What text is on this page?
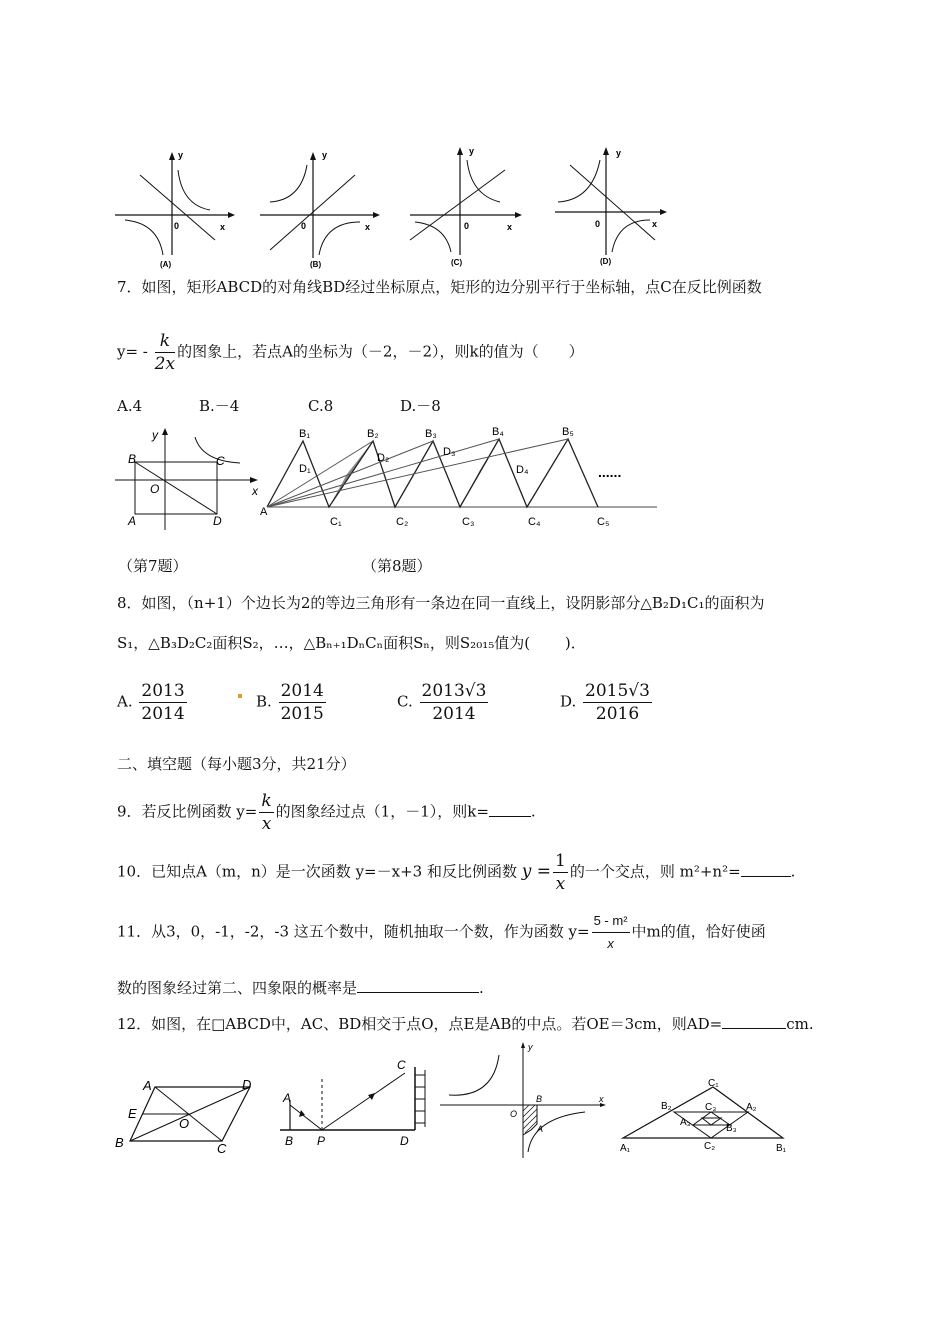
y
x
0
(A)
y
x
0
(B)
y
x
0
(C)
y
x
0
(D)
7．如图，矩形ABCD的对角线BD经过坐标原点，矩形的边分别平行于坐标轴，点C在反比例函数
$y= - \frac{k}{2x}$ 的图象上，若点A的坐标为（－2，－2），则k的值为（　　）
A.4	B.－4	C.8	D.－8
B	C
A	D
O	x
y
A
B₁	B₂	B₃	B₄	B₅
D₁
D₂	D₃
D₄
C₁	C₂	C₃	C₄	C₅
......
（第7题）	（第8题）
8．如图，（n+1）个边长为2的等边三角形有一条边在同一直线上，设阴影部分△B₂D₁C₁的面积为
S₁，△B₃D₂C₂面积S₂，…，△Bₙ₊₁DₙCₙ面积Sₙ，则S₂₀₁₅值为(　　 )．
A. $\frac{2013}{2014}$	B. $\frac{2014}{2015}$	C. $\frac{2013√3}{2014}$	D. $\frac{2015√3}{2016}$
二、填空题（每小题3分，共21分）
9．若反比例函数 $y= \frac{k}{x}$ 的图象经过点（1，－1），则k=	.
10．已知点A（m，n）是一次函数 y=－x+3 和反比例函数 $y = \frac{1}{x}$ 的一个交点，则 m²+n²=	.
11．从3，0，-1，-2，-3 这五个数中，随机抽取一个数，作为函数 $y= \frac{\text{5 - m²}}{x}$ 中m的值，恰好使函
数的图象经过第二、四象限的概率是	.
12．如图，在□ABCD中，AC、BD相交于点O，点E是AB的中点。若OE＝3cm，则AD=	cm.
A	D
E
O
B	C
A
B P	D
C
O
B
A
x
y
C₁
B₂	C₃	A₂
A₃
B₃
C₂
A₁	B₁
